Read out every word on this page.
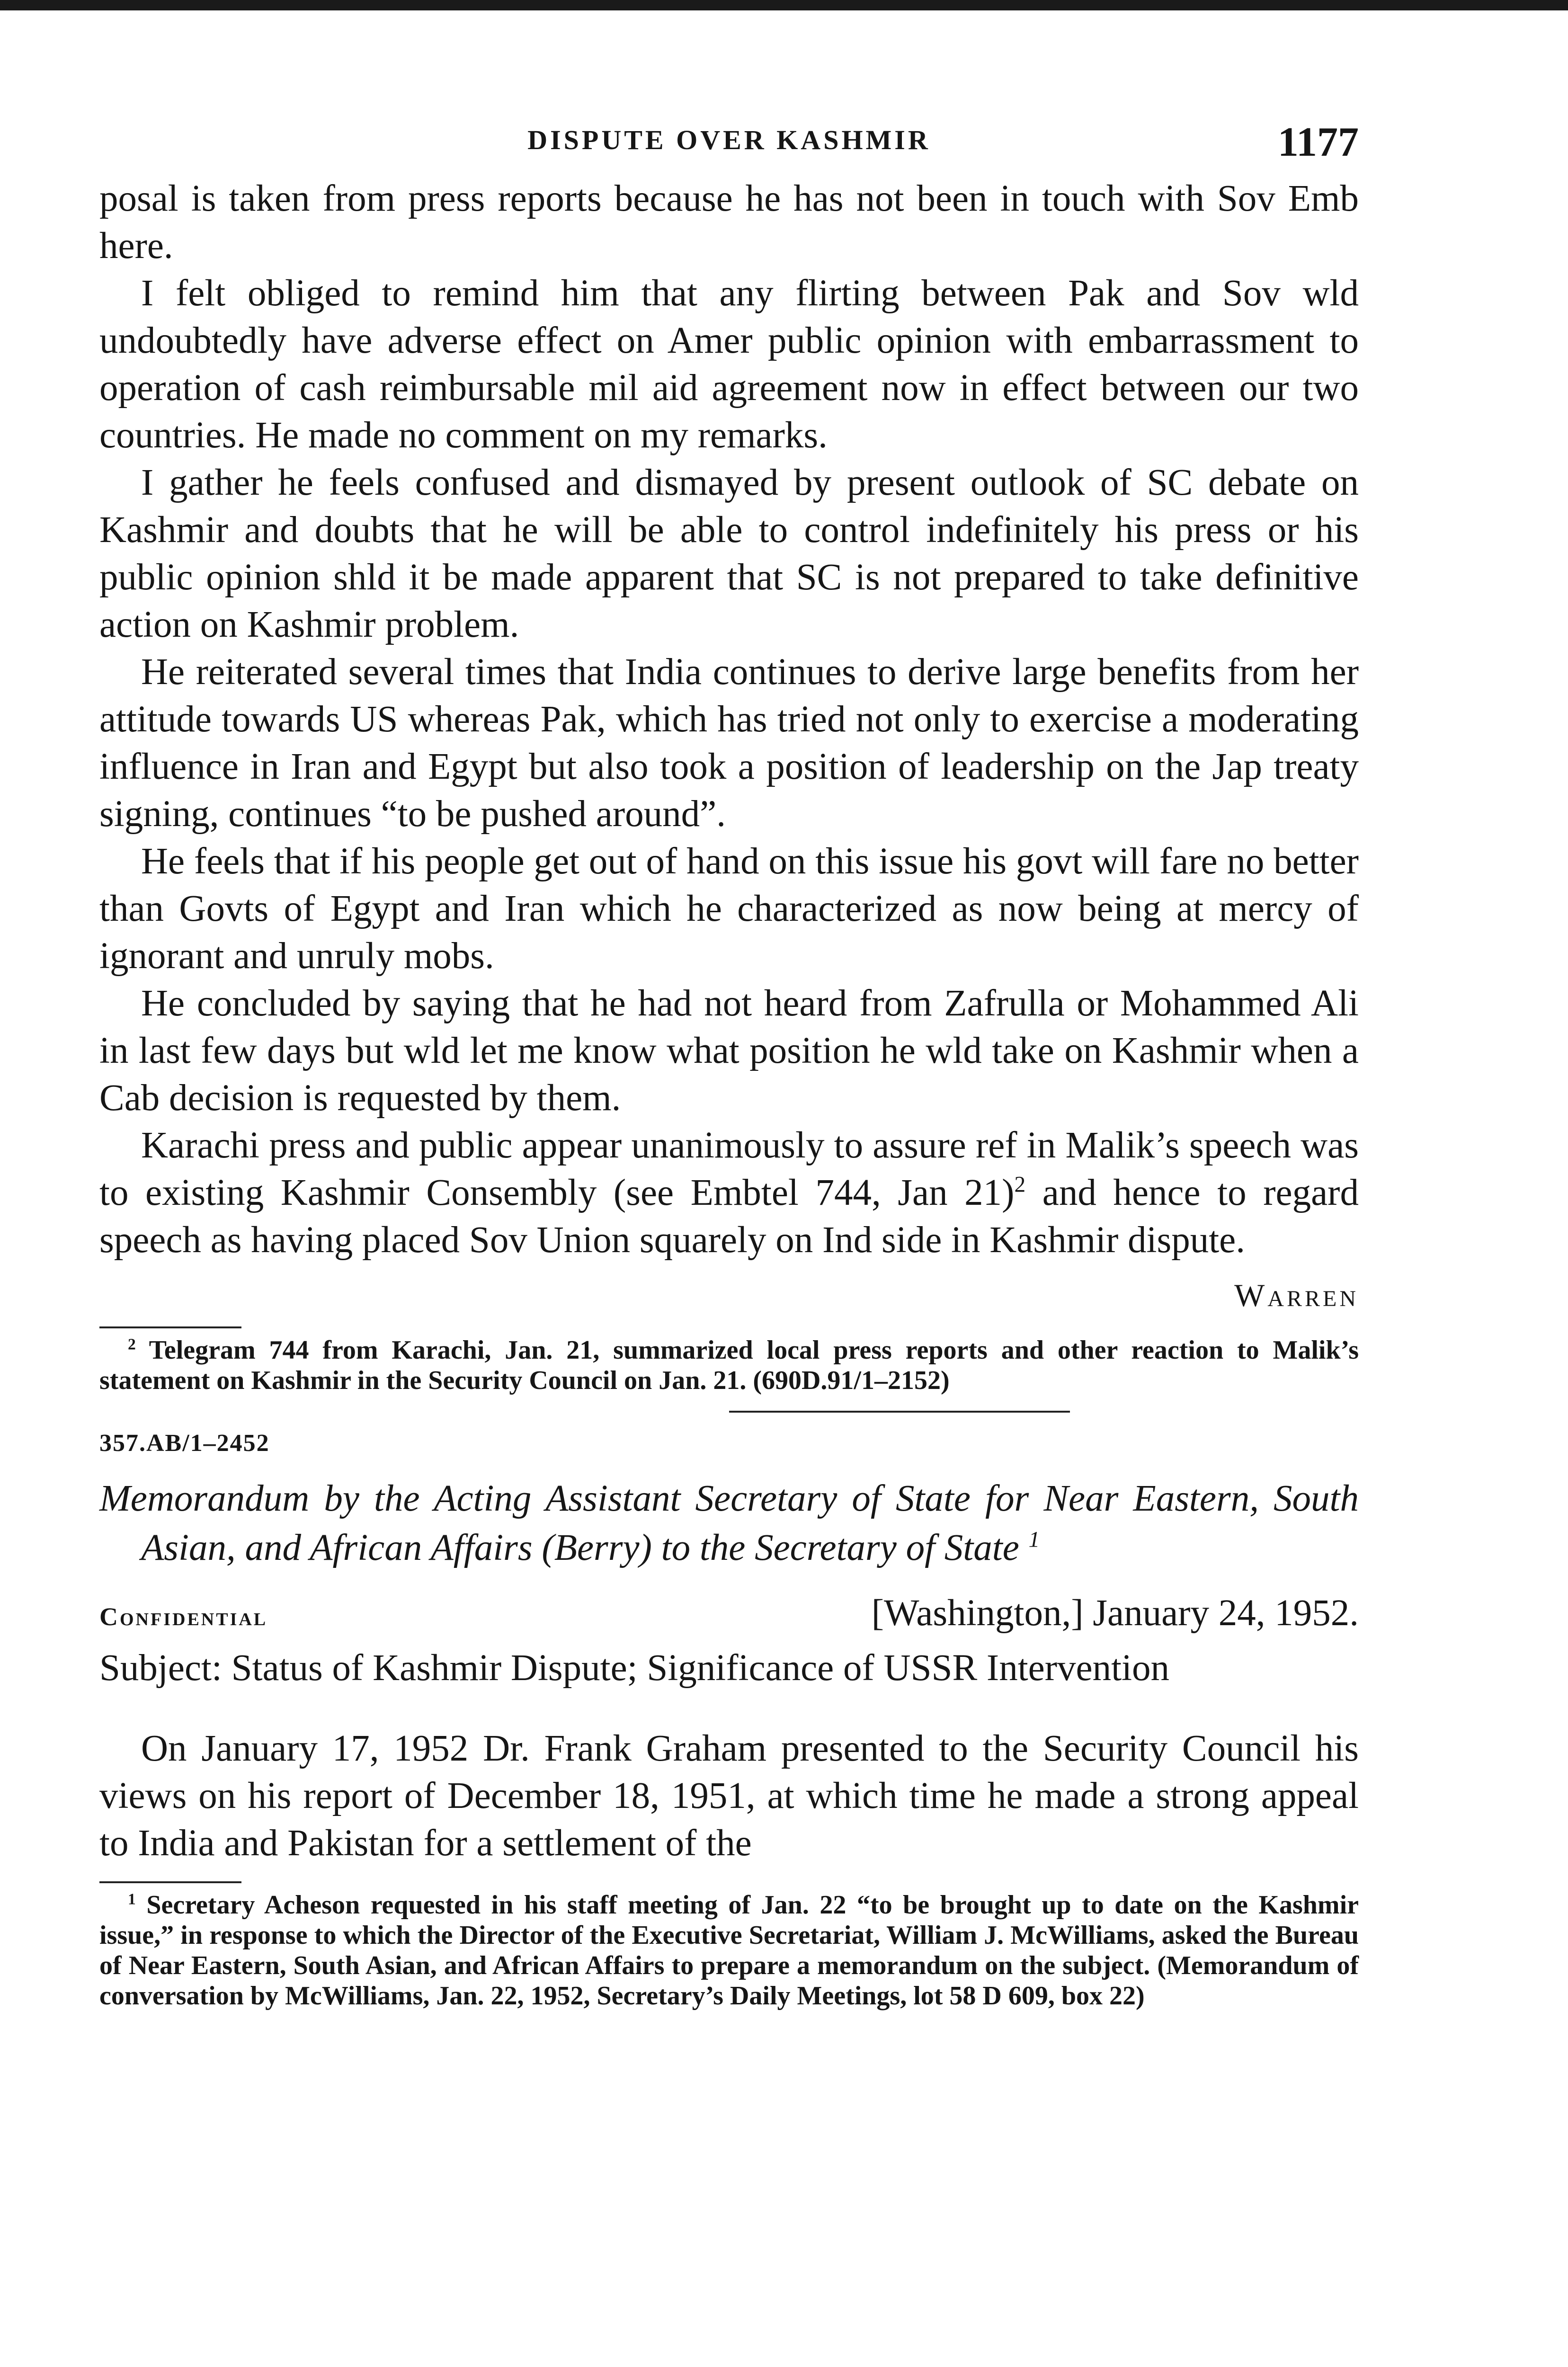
DISPUTE OVER KASHMIR	1177

posal is taken from press reports because he has not been in touch with Sov Emb here.

I felt obliged to remind him that any flirting between Pak and Sov wld undoubtedly have adverse effect on Amer public opinion with embarrassment to operation of cash reimbursable mil aid agreement now in effect between our two countries. He made no comment on my remarks.

I gather he feels confused and dismayed by present outlook of SC debate on Kashmir and doubts that he will be able to control indefinitely his press or his public opinion shld it be made apparent that SC is not prepared to take definitive action on Kashmir problem.

He reiterated several times that India continues to derive large benefits from her attitude towards US whereas Pak, which has tried not only to exercise a moderating influence in Iran and Egypt but also took a position of leadership on the Jap treaty signing, continues “to be pushed around”.

He feels that if his people get out of hand on this issue his govt will fare no better than Govts of Egypt and Iran which he characterized as now being at mercy of ignorant and unruly mobs.

He concluded by saying that he had not heard from Zafrulla or Mohammed Ali in last few days but wld let me know what position he wld take on Kashmir when a Cab decision is requested by them.

Karachi press and public appear unanimously to assure ref in Malik’s speech was to existing Kashmir Consembly (see Embtel 744, Jan 21)$^2$ and hence to regard speech as having placed Sov Union squarely on Ind side in Kashmir dispute.

Warren

$^2$ Telegram 744 from Karachi, Jan. 21, summarized local press reports and other reaction to Malik’s statement on Kashmir in the Security Council on Jan. 21. (690D.91/1–2152)

357.AB/1–2452

Memorandum by the Acting Assistant Secretary of State for Near Eastern, South Asian, and African Affairs (Berry) to the Secretary of State $^1$

Confidential	[Washington,] January 24, 1952.

Subject: Status of Kashmir Dispute; Significance of USSR Intervention

On January 17, 1952 Dr. Frank Graham presented to the Security Council his views on his report of December 18, 1951, at which time he made a strong appeal to India and Pakistan for a settlement of the

$^1$ Secretary Acheson requested in his staff meeting of Jan. 22 “to be brought up to date on the Kashmir issue,” in response to which the Director of the Executive Secretariat, William J. McWilliams, asked the Bureau of Near Eastern, South Asian, and African Affairs to prepare a memorandum on the subject. (Memorandum of conversation by McWilliams, Jan. 22, 1952, Secretary’s Daily Meetings, lot 58 D 609, box 22)
